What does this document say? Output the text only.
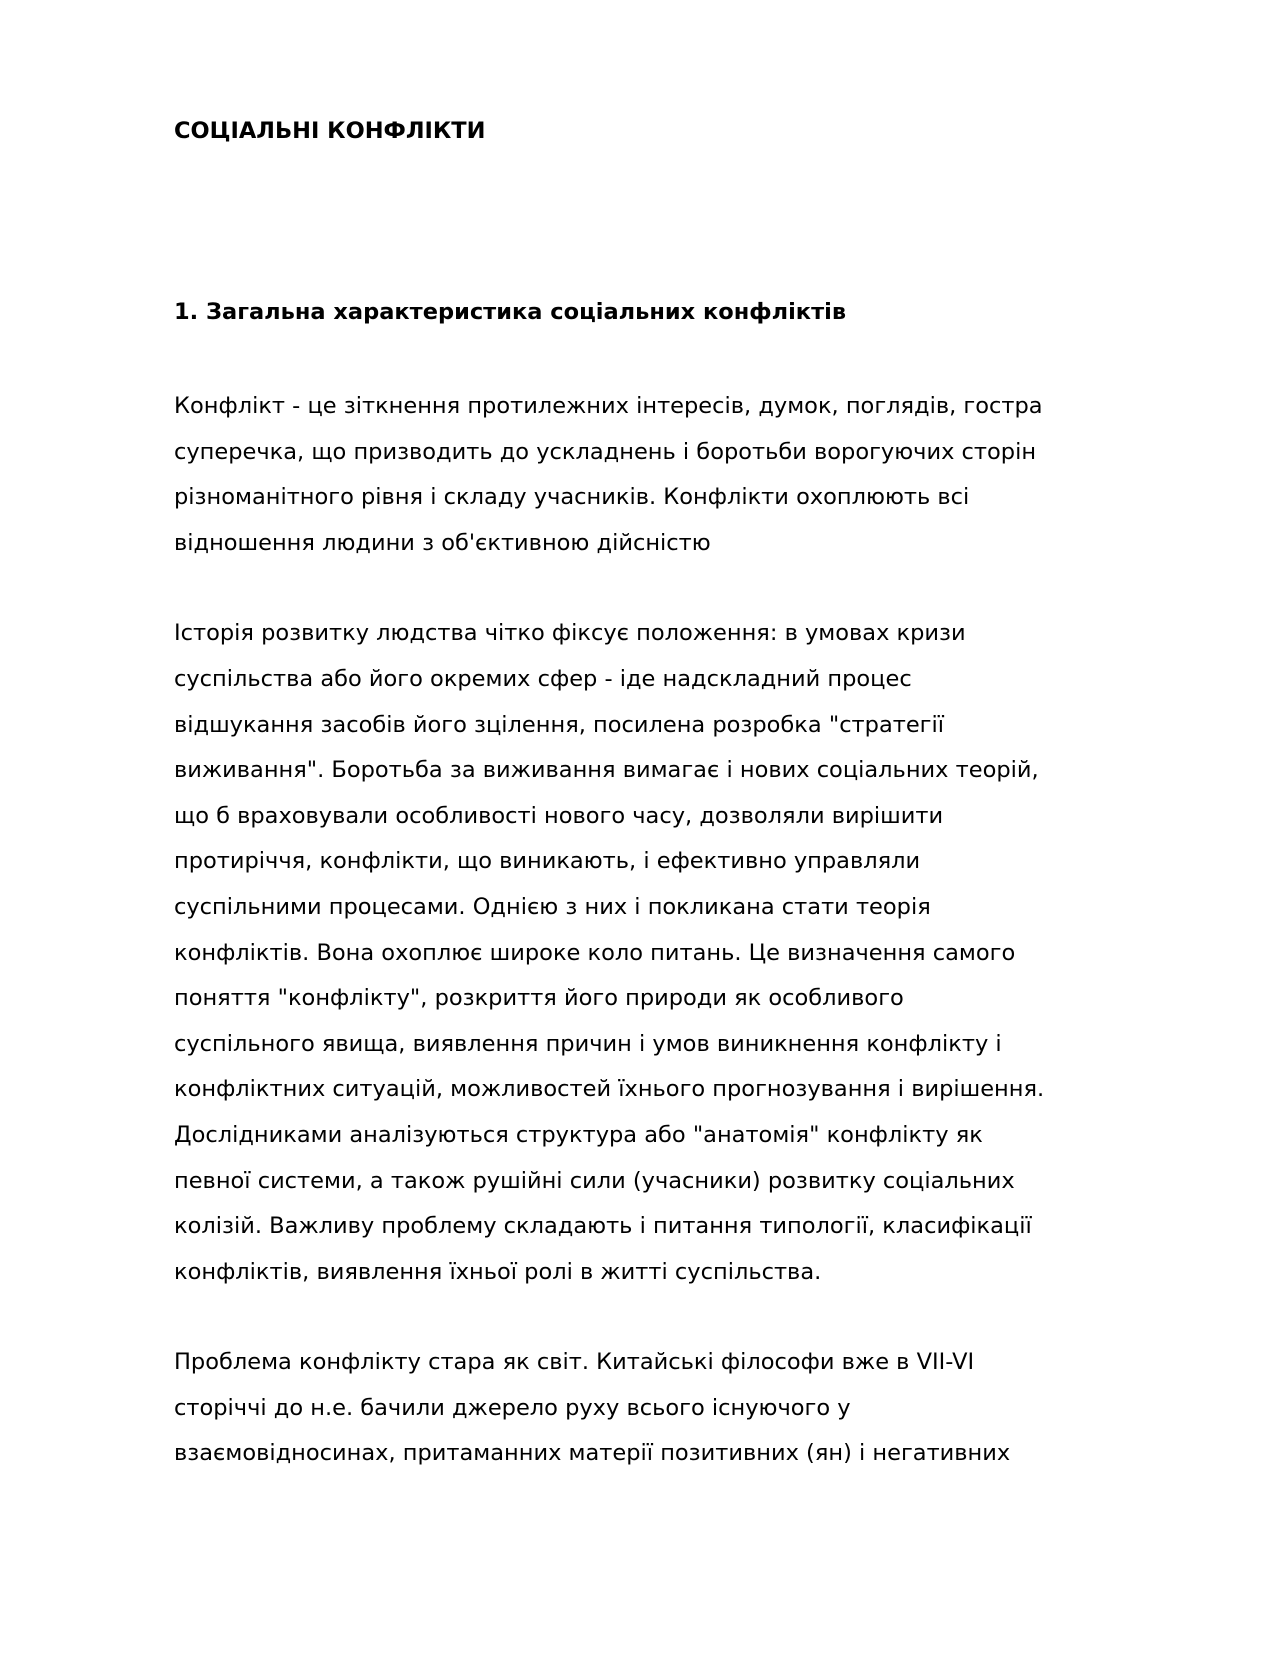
СОЦІАЛЬНІ КОНФЛІКТИ
1. Загальна характеристика соціальних конфліктів

Конфлікт - це зіткнення протилежних інтересів, думок, поглядів, гостра
суперечка, що призводить до ускладнень і боротьби ворогуючих сторін
різноманітного рівня і складу учасників. Конфлікти охоплюють всі
відношення людини з об'єктивною дійсністю

Історія розвитку людства чітко фіксує положення: в умовах кризи
суспільства або його окремих сфер - іде надскладний процес
відшукання засобів його зцілення, посилена розробка "стратегії
виживання". Боротьба за виживання вимагає і нових соціальних теорій,
що б враховували особливості нового часу, дозволяли вирішити
протиріччя, конфлікти, що виникають, і ефективно управляли
суспільними процесами. Однією з них і покликана стати теорія
конфліктів. Вона охоплює широке коло питань. Це визначення самого
поняття "конфлікту", розкриття його природи як особливого
суспільного явища, виявлення причин і умов виникнення конфлікту і
конфліктних ситуацій, можливостей їхнього прогнозування і вирішення.
Дослідниками аналізуються структура або "анатомія" конфлікту як
певної системи, а також рушійні сили (учасники) розвитку соціальних
колізій. Важливу проблему складають і питання типології, класифікації
конфліктів, виявлення їхньої ролі в житті суспільства.

Проблема конфлікту стара як світ. Китайські філософи вже в VII-VI
сторіччі до н.е. бачили джерело руху всього існуючого у
взаємовідносинах, притаманних матерії позитивних (ян) і негативних
